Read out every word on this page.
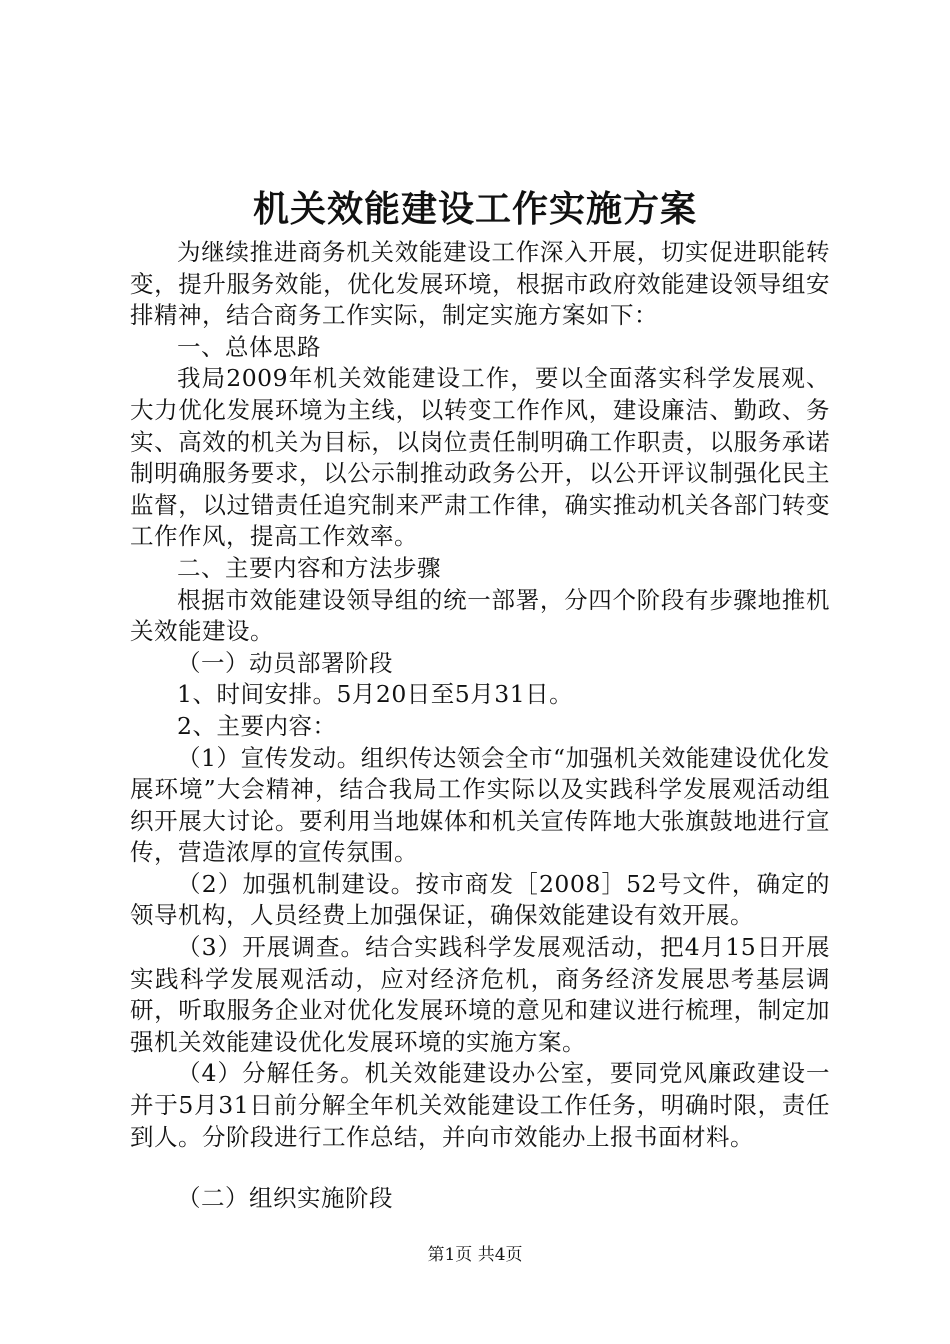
机关效能建设工作实施方案

为继续推进商务机关效能建设工作深入开展，切实促进职能转变，提升服务效能，优化发展环境，根据市政府效能建设领导组安排精神，结合商务工作实际，制定实施方案如下：

一、总体思路

我局2009年机关效能建设工作，要以全面落实科学发展观、大力优化发展环境为主线，以转变工作作风，建设廉洁、勤政、务实、高效的机关为目标，以岗位责任制明确工作职责，以服务承诺制明确服务要求，以公示制推动政务公开，以公开评议制强化民主监督，以过错责任追究制来严肃工作律，确实推动机关各部门转变工作作风，提高工作效率。

二、主要内容和方法步骤

根据市效能建设领导组的统一部署，分四个阶段有步骤地推机关效能建设。

（一）动员部署阶段

1、时间安排。5月20日至5月31日。

2、主要内容：

（1）宣传发动。组织传达领会全市“加强机关效能建设优化发展环境”大会精神，结合我局工作实际以及实践科学发展观活动组织开展大讨论。要利用当地媒体和机关宣传阵地大张旗鼓地进行宣传，营造浓厚的宣传氛围。

（2）加强机制建设。按市商发［2008］52号文件，确定的领导机构，人员经费上加强保证，确保效能建设有效开展。

（3）开展调查。结合实践科学发展观活动，把4月15日开展实践科学发展观活动，应对经济危机，商务经济发展思考基层调研，听取服务企业对优化发展环境的意见和建议进行梳理，制定加强机关效能建设优化发展环境的实施方案。

（4）分解任务。机关效能建设办公室，要同党风廉政建设一并于5月31日前分解全年机关效能建设工作任务，明确时限，责任到人。分阶段进行工作总结，并向市效能办上报书面材料。

（二）组织实施阶段

第1页 共4页
